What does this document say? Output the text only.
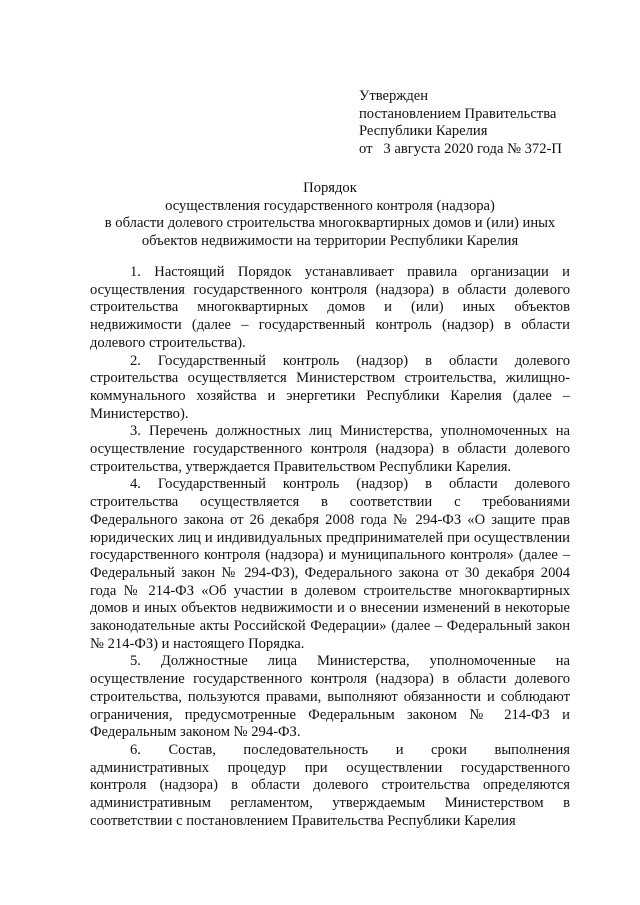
Утвержден
постановлением Правительства
Республики Карелия
от   3 августа 2020 года № 372-П
Порядок
осуществления государственного контроля (надзора)
в области долевого строительства многоквартирных домов и (или) иных
объектов недвижимости на территории Республики Карелия

1. Настоящий Порядок устанавливает правила организации и осуществления государственного контроля (надзора) в области долевого строительства многоквартирных домов и (или) иных объектов недвижимости (далее – государственный контроль (надзор) в области долевого строительства).

2. Государственный контроль (надзор) в области долевого строительства осуществляется Министерством строительства, жилищно-коммунального хозяйства и энергетики Республики Карелия (далее – Министерство).

3. Перечень должностных лиц Министерства, уполномоченных на осуществление государственного контроля (надзора) в области долевого строительства, утверждается Правительством Республики Карелия.

4. Государственный контроль (надзор) в области долевого строительства осуществляется в соответствии с требованиями Федерального закона от 26 декабря 2008 года № 294-ФЗ «О защите прав юридических лиц и индивидуальных предпринимателей при осуществлении государственного контроля (надзора) и муниципального контроля» (далее – Федеральный закон № 294-ФЗ), Федерального закона от 30 декабря 2004 года № 214-ФЗ «Об участии в долевом строительстве многоквартирных домов и иных объектов недвижимости и о внесении изменений в некоторые законодательные акты Российской Федерации» (далее – Федеральный закон № 214-ФЗ) и настоящего Порядка.

5. Должностные лица Министерства, уполномоченные на осуществление государственного контроля (надзора) в области долевого строительства, пользуются правами, выполняют обязанности и соблюдают ограничения, предусмотренные Федеральным законом № 214-ФЗ и Федеральным законом № 294-ФЗ.

6. Состав, последовательность и сроки выполнения административных процедур при осуществлении государственного контроля (надзора) в области долевого строительства определяются административным регламентом, утверждаемым Министерством в соответствии с постановлением Правительства Республики Карелия
